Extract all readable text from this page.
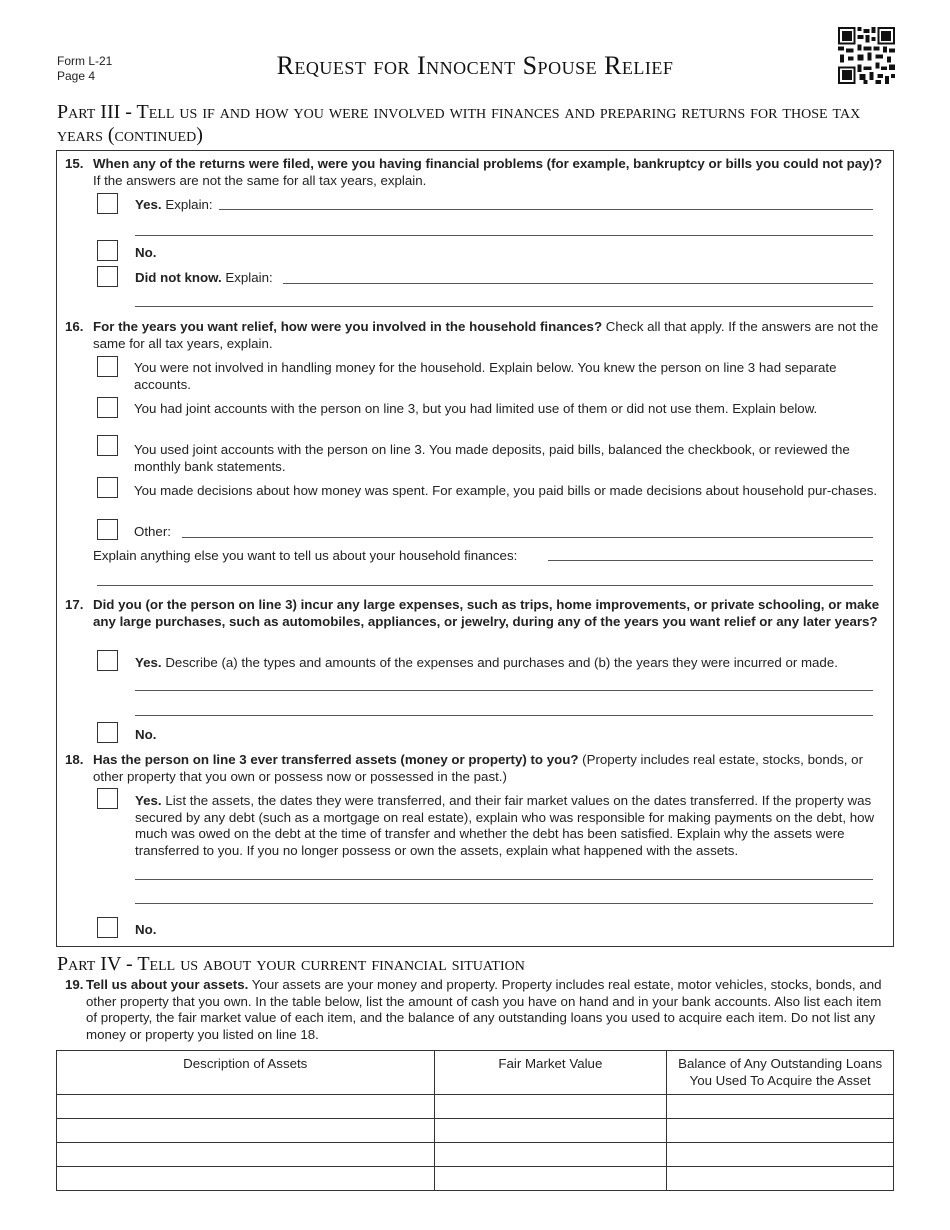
Form L-21
Page 4	Request for Innocent Spouse Relief
Part III - Tell us if and how you were involved with finances and preparing returns for those tax years (continued)
15. When any of the returns were filed, were you having financial problems (for example, bankruptcy or bills you could not pay)? If the answers are not the same for all tax years, explain.
Yes. Explain:
No.
Did not know. Explain:
16. For the years you want relief, how were you involved in the household finances? Check all that apply. If the answers are not the same for all tax years, explain.
You were not involved in handling money for the household. Explain below. You knew the person on line 3 had separate accounts.
You had joint accounts with the person on line 3, but you had limited use of them or did not use them. Explain below.
You used joint accounts with the person on line 3. You made deposits, paid bills, balanced the checkbook, or reviewed the monthly bank statements.
You made decisions about how money was spent. For example, you paid bills or made decisions about household pur-chases.
Other:
Explain anything else you want to tell us about your household finances:
17. Did you (or the person on line 3) incur any large expenses, such as trips, home improvements, or private schooling, or make any large purchases, such as automobiles, appliances, or jewelry, during any of the years you want relief or any later years?
Yes. Describe (a) the types and amounts of the expenses and purchases and (b) the years they were incurred or made.
No.
18. Has the person on line 3 ever transferred assets (money or property) to you? (Property includes real estate, stocks, bonds, or other property that you own or possess now or possessed in the past.)
Yes. List the assets, the dates they were transferred, and their fair market values on the dates transferred. If the property was secured by any debt (such as a mortgage on real estate), explain who was responsible for making payments on the debt, how much was owed on the debt at the time of transfer and whether the debt has been satisfied. Explain why the assets were transferred to you. If you no longer possess or own the assets, explain what happened with the assets.
No.
Part IV - Tell us about your current financial situation
19. Tell us about your assets. Your assets are your money and property. Property includes real estate, motor vehicles, stocks, bonds, and other property that you own. In the table below, list the amount of cash you have on hand and in your bank accounts. Also list each item of property, the fair market value of each item, and the balance of any outstanding loans you used to acquire each item. Do not list any money or property you listed on line 18.
Description of Assets	Fair Market Value	Balance of Any Outstanding Loans
You Used To Acquire the Asset
